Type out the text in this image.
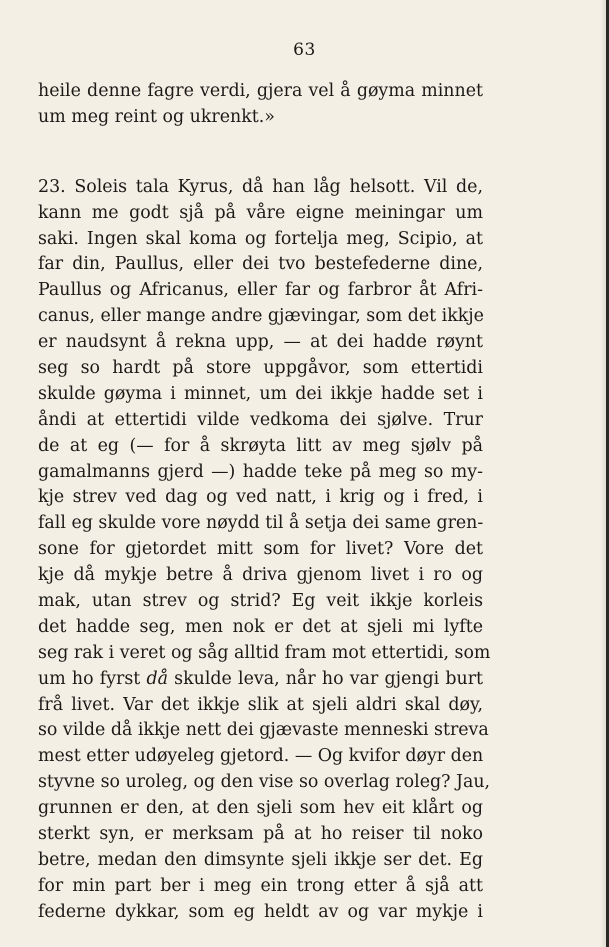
63
heile denne fagre verdi, gjera vel å gøyma minnet
um meg reint og ukrenkt.»
23. Soleis tala Kyrus, då han låg helsott. Vil de,
kann me godt sjå på våre eigne meiningar um
saki. Ingen skal koma og fortelja meg, Scipio, at
far din, Paullus, eller dei tvo bestefederne dine,
Paullus og Africanus, eller far og farbror åt Afri-
canus, eller mange andre gjævingar, som det ikkje
er naudsynt å rekna upp, — at dei hadde røynt
seg so hardt på store uppgåvor, som ettertidi
skulde gøyma i minnet, um dei ikkje hadde set i
åndi at ettertidi vilde vedkoma dei sjølve. Trur
de at eg (— for å skrøyta litt av meg sjølv på
gamalmanns gjerd —) hadde teke på meg so my-
kje strev ved dag og ved natt, i krig og i fred, i
fall eg skulde vore nøydd til å setja dei same gren-
sone for gjetordet mitt som for livet? Vore det
kje då mykje betre å driva gjenom livet i ro og
mak, utan strev og strid? Eg veit ikkje korleis
det hadde seg, men nok er det at sjeli mi lyfte
seg rak i veret og såg alltid fram mot ettertidi, som
um ho fyrst då skulde leva, når ho var gjengi burt
frå livet. Var det ikkje slik at sjeli aldri skal døy,
so vilde då ikkje nett dei gjævaste menneski streva
mest etter udøyeleg gjetord. — Og kvifor døyr den
styvne so uroleg, og den vise so overlag roleg? Jau,
grunnen er den, at den sjeli som hev eit klårt og
sterkt syn, er merksam på at ho reiser til noko
betre, medan den dimsynte sjeli ikkje ser det. Eg
for min part ber i meg ein trong etter å sjå att
federne dykkar, som eg heldt av og var mykje i
